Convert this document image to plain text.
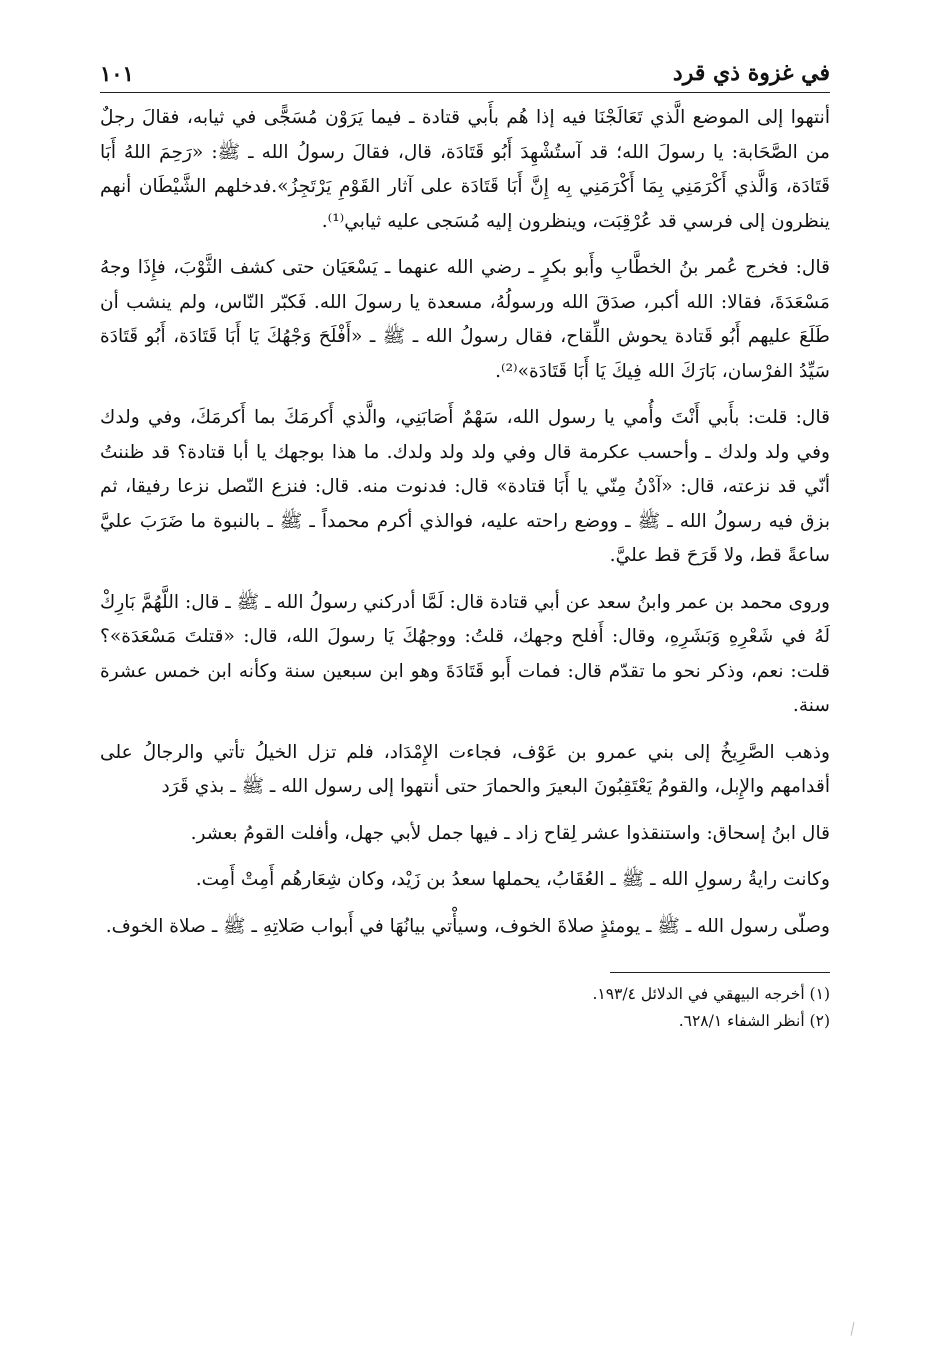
في غزوة ذي قرد
١٠١

أنتهوا إلى الموضع الَّذي تَعَالَجْنَا فيه إذا هُم بأَبي قتادة ـ فيما يَرَوْن مُسَجًّى في ثيابه، فقالَ رجلٌ من الصَّحَابة: يا رسولَ الله؛ قد آستُشْهِدَ أَبُو قَتَادَة، قال، فقالَ رسولُ الله ـ ﷺ: «رَحِمَ اللهُ أَبَا قَتَادَة، وَالَّذي أَكْرَمَنِي بِمَا أَكْرَمَنِي بِه إِنَّ أَبَا قَتَادَة على آثار القَوْمِ يَرْتَجِزُ».فدخلهم الشَّيْطَان أنهم ينظرون إلى فرسي قد عُرْقِبَت، وينظرون إليه مُسَجى عليه ثيابي⁽¹⁾.

قال: فخرج عُمر بنُ الخطَّابِ وأَبو بكرٍ ـ رضي الله عنهما ـ يَسْعَيَان حتى كشف الثَّوْبَ، فإِذَا وجهُ مَسْعَدَةَ، فقالا: الله أكبر، صدَقَ الله ورسولُهُ، مسعدة يا رسولَ الله. فَكبّر النّاس، ولم ينشب أن طَلَعَ عليهم أَبُو قَتادة يحوش اللِّقاح، فقال رسولُ الله ـ ﷺ ـ «أَفْلَحَ وَجْهُكَ يَا أَبَا قَتَادَة، أَبُو قَتَادَة سَيِّدُ الفرْسان، بَارَكَ الله فِيكَ يَا أَبَا قَتَادَة»⁽²⁾.

قال: قلت: بأَبي أَنْتَ وأُمي يا رسول الله، سَهْمٌ أَصَابَنِي، والَّذي أَكرمَكَ بما أَكرمَكَ، وفي ولدك وفي ولد ولدك ـ وأحسب عكرمة قال وفي ولد ولد ولدك. ما هذا بوجهك يا أبا قتادة؟ قد ظننتُ أنّي قد نزعته، قال: «آدْنُ مِنّي يا أَبَا قتادة» قال: فدنوت منه. قال: فنزع النّصل نزعا رفيقا، ثم بزق فيه رسولُ الله ـ ﷺ ـ ووضع راحته عليه، فوالذي أكرم محمداً ـ ﷺ ـ بالنبوة ما ضَرَبَ عليَّ ساعةً قط، ولا قَرَحَ قط عليَّ.

وروى محمد بن عمر وابنُ سعد عن أبي قتادة قال: لَمَّا أدركني رسولُ الله ـ ﷺ ـ قال: اللَّهُمَّ بَارِكْ لَهُ في شَعْرِهِ وَبَشَرِهِ، وقال: أَفلح وجهك، قلتُ: ووجهُكَ يَا رسولَ الله، قال: «قتلتَ مَسْعَدَة»؟ قلت: نعم، وذكر نحو ما تقدّم قال: فمات أَبو قَتَادَةَ وهو ابن سبعين سنة وكأنه ابن خمس عشرة سنة.

وذهب الصَّرِيخُ إلى بني عمرو بن عَوْف، فجاءت الإِمْدَاد، فلم تزل الخيلُ تأتي والرجالُ على أقدامهم والإِبل، والقومُ يَعْتَقِبُونَ البعيرَ والحمارَ حتى أنتهوا إلى رسول الله ـ ﷺ ـ بذي قَرَد

قال ابنُ إسحاق: واستنقذوا عشر لِقاح زاد ـ فيها جمل لأبي جهل، وأفلت القومُ بعشر.

وكانت رايةُ رسولِ الله ـ ﷺ ـ العُقَابُ، يحملها سعدُ بن زَيْد، وكان شِعَارهُم أَمِتْ أَمِت.

وصلّى رسول الله ـ ﷺ ـ يومئذٍ صلاةَ الخوف، وسيأْتي بيانُهَا في أَبواب صَلاتِهِ ـ ﷺ ـ صلاة الخوف.

(١) أخرجه البيهقي في الدلائل ١٩٣/٤.

(٢) أنظر الشفاء ٦٢٨/١.
